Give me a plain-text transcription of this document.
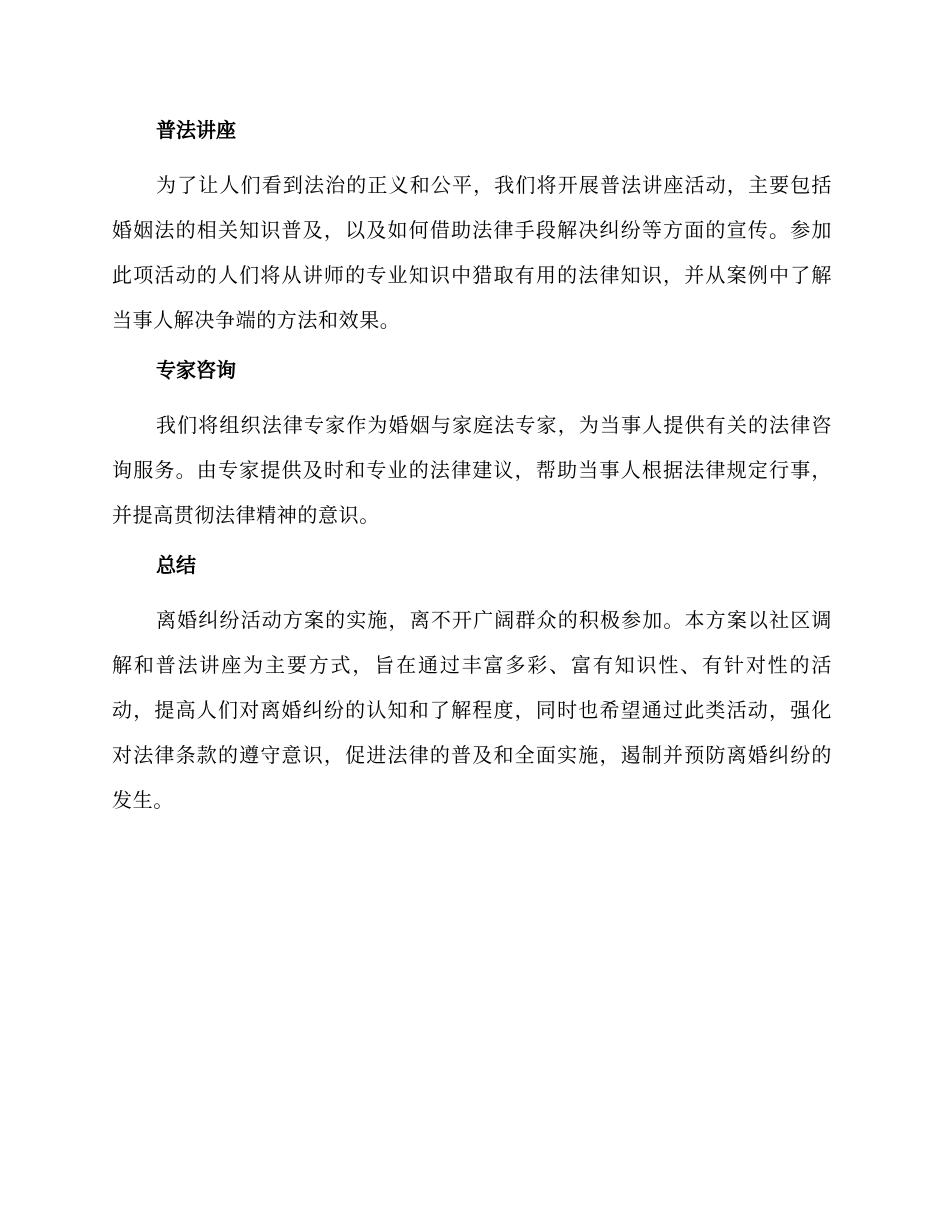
普法讲座

为了让人们看到法治的正义和公平，我们将开展普法讲座活动，主要包括婚姻法的相关知识普及，以及如何借助法律手段解决纠纷等方面的宣传。参加此项活动的人们将从讲师的专业知识中猎取有用的法律知识，并从案例中了解当事人解决争端的方法和效果。

专家咨询

我们将组织法律专家作为婚姻与家庭法专家，为当事人提供有关的法律咨询服务。由专家提供及时和专业的法律建议，帮助当事人根据法律规定行事，并提高贯彻法律精神的意识。

总结

离婚纠纷活动方案的实施，离不开广阔群众的积极参加。本方案以社区调解和普法讲座为主要方式，旨在通过丰富多彩、富有知识性、有针对性的活动，提高人们对离婚纠纷的认知和了解程度，同时也希望通过此类活动，强化对法律条款的遵守意识，促进法律的普及和全面实施，遏制并预防离婚纠纷的发生。
